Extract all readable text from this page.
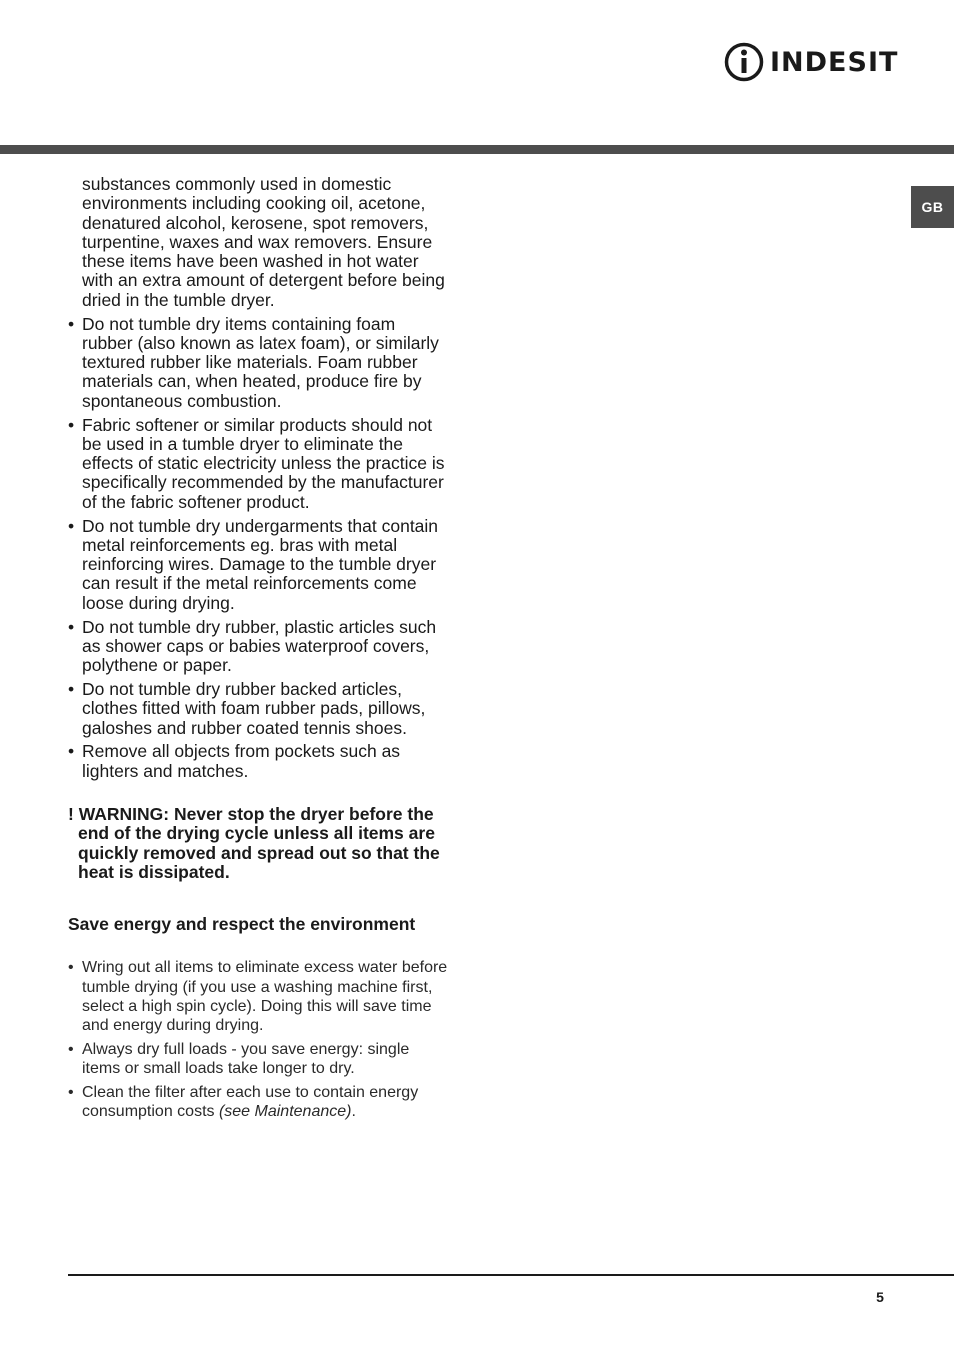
INDESIT
GB
substances commonly used in domestic environments including cooking oil, acetone, denatured alcohol, kerosene, spot removers, turpentine, waxes and wax removers. Ensure these items have been washed in hot water with an extra amount of detergent before being dried in the tumble dryer.
• Do not tumble dry items containing foam rubber (also known as latex foam), or similarly textured rubber like materials. Foam rubber materials can, when heated, produce fire by spontaneous combustion.
• Fabric softener or similar products should not be used in a tumble dryer to eliminate the effects of static electricity unless the practice is specifically recommended by the manufacturer of the fabric softener product.
• Do not tumble dry undergarments that contain metal reinforcements eg. bras with metal reinforcing wires. Damage to the tumble dryer can result if the metal reinforcements come loose during drying.
• Do not tumble dry rubber, plastic articles such as shower caps or babies waterproof covers, polythene or paper.
• Do not tumble dry rubber backed articles, clothes fitted with foam rubber pads, pillows, galoshes and rubber coated tennis shoes.
• Remove all objects from pockets such as lighters and matches.
! WARNING: Never stop the dryer before the end of the drying cycle unless all items are quickly removed and spread out so that the heat is dissipated.
Save energy and respect the environment
• Wring out all items to eliminate excess water before tumble drying (if you use a washing machine first, select a high spin cycle). Doing this will save time and energy during drying.
• Always dry full loads - you save energy: single items or small loads take longer to dry.
• Clean the filter after each use to contain energy consumption costs (see Maintenance).
5
